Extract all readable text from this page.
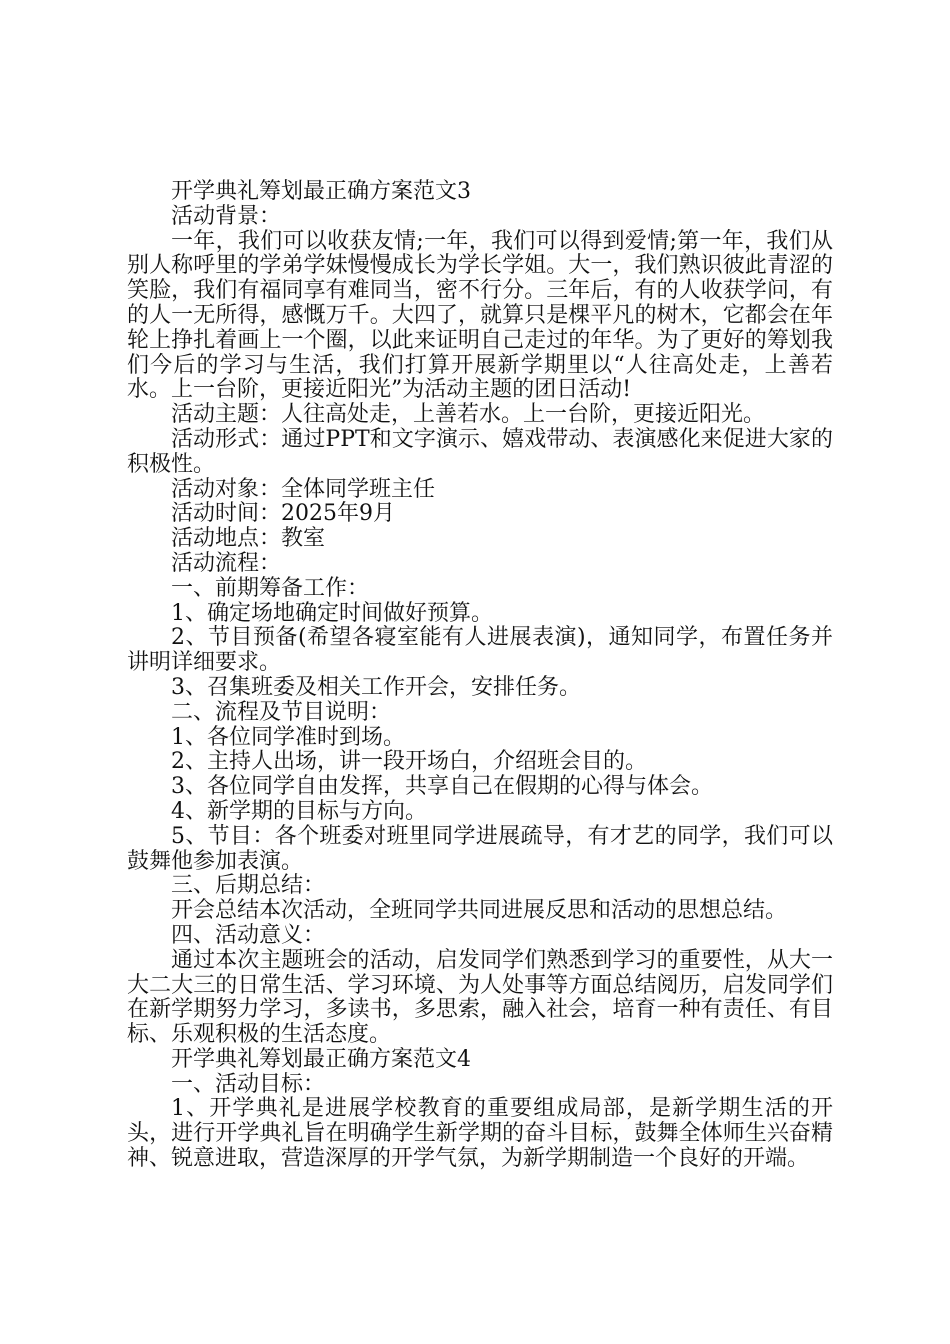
开学典礼筹划最正确方案范文3

活动背景：

一年，我们可以收获友情;一年，我们可以得到爱情;第一年，我们从别人称呼里的学弟学妹慢慢成长为学长学姐。大一，我们熟识彼此青涩的笑脸，我们有福同享有难同当，密不行分。三年后，有的人收获学问，有的人一无所得，感慨万千。大四了，就算只是棵平凡的树木，它都会在年轮上挣扎着画上一个圈，以此来证明自己走过的年华。为了更好的筹划我们今后的学习与生活，我们打算开展新学期里以“人往高处走，上善若水。上一台阶，更接近阳光”为活动主题的团日活动!

活动主题：人往高处走，上善若水。上一台阶，更接近阳光。

活动形式：通过PPT和文字演示、嬉戏带动、表演感化来促进大家的积极性。

活动对象：全体同学班主任

活动时间：2025年9月

活动地点：教室

活动流程：

一、前期筹备工作：

1、确定场地确定时间做好预算。

2、节目预备(希望各寝室能有人进展表演)，通知同学，布置任务并讲明详细要求。

3、召集班委及相关工作开会，安排任务。

二、流程及节目说明：

1、各位同学准时到场。

2、主持人出场，讲一段开场白，介绍班会目的。

3、各位同学自由发挥，共享自己在假期的心得与体会。

4、新学期的目标与方向。

5、节目：各个班委对班里同学进展疏导，有才艺的同学，我们可以鼓舞他参加表演。

三、后期总结：

开会总结本次活动，全班同学共同进展反思和活动的思想总结。

四、活动意义：

通过本次主题班会的活动，启发同学们熟悉到学习的重要性，从大一大二大三的日常生活、学习环境、为人处事等方面总结阅历，启发同学们在新学期努力学习，多读书，多思索，融入社会，培育一种有责任、有目标、乐观积极的生活态度。

开学典礼筹划最正确方案范文4

一、活动目标：

1、开学典礼是进展学校教育的重要组成局部，是新学期生活的开头，进行开学典礼旨在明确学生新学期的奋斗目标，鼓舞全体师生兴奋精神、锐意进取，营造深厚的开学气氛，为新学期制造一个良好的开端。
